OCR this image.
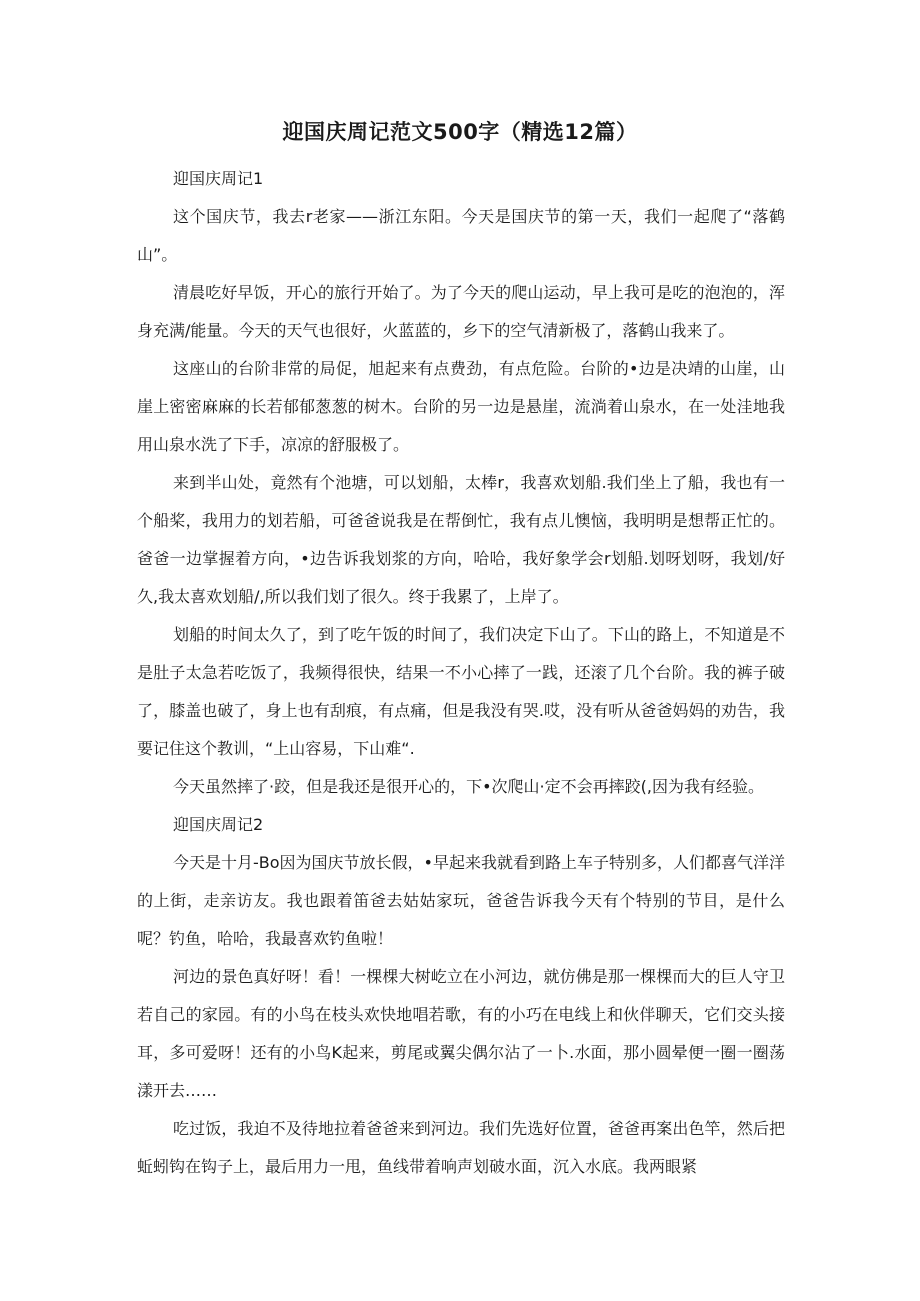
迎国庆周记范文500字（精选12篇）

迎国庆周记1

这个国庆节，我去r老家——浙江东阳。今天是国庆节的第一天，我们一起爬了“落鹤山”。

清晨吃好早饭，开心的旅行开始了。为了今天的爬山运动，早上我可是吃的泡泡的，浑身充满/能量。今天的天气也很好，火蓝蓝的，乡下的空气清新极了，落鹤山我来了。

这座山的台阶非常的局促，旭起来有点费劲，有点危险。台阶的•边是决靖的山崖，山崖上密密麻麻的长若郁郁葱葱的树木。台阶的另一边是悬崖，流淌着山泉水，在一处洼地我用山泉水洗了下手，凉凉的舒服极了。

来到半山处，竟然有个池塘，可以划船，太棒r，我喜欢划船.我们坐上了船，我也有一个船桨，我用力的划若船，可爸爸说我是在帮倒忙，我有点儿懊恼，我明明是想帮正忙的。爸爸一边掌握着方向，•边告诉我划浆的方向，哈哈，我好象学会r划船.划呀划呀，我划/好久,我太喜欢划船/,所以我们划了很久。终于我累了，上岸了。

划船的时间太久了，到了吃午饭的时间了，我们决定下山了。下山的路上，不知道是不是肚子太急若吃饭了，我频得很快，结果一不小心摔了一践，还滚了几个台阶。我的裤子破了，膝盖也破了，身上也有刮痕，有点痛，但是我没有哭.哎，没有听从爸爸妈妈的劝告，我要记住这个教训，“上山容易，下山难“.

今天虽然摔了·跤，但是我还是很开心的，下•次爬山·定不会再摔跤(,因为我有经验。

迎国庆周记2

今天是十月-Bo因为国庆节放长假，•早起来我就看到路上车子特别多，人们都喜气洋洋的上街，走亲访友。我也跟着笛爸去姑姑家玩，爸爸告诉我今天有个特别的节目，是什么呢？钓鱼，哈哈，我最喜欢钓鱼啦！

河边的景色真好呀！看！一棵棵大树屹立在小河边，就仿佛是那一棵棵而大的巨人守卫若自己的家园。有的小鸟在枝头欢快地唱若歌，有的小巧在电线上和伙伴聊天，它们交头接耳，多可爱呀！还有的小鸟K起来，剪尾或翼尖偶尔沾了一卜.水面，那小圆晕便一圈一圈荡漾开去……

吃过饭，我迫不及待地拉着爸爸来到河边。我们先选好位置，爸爸再案出色竿，然后把蚯蚓钩在钩子上，最后用力一甩，鱼线带着响声划破水面，沉入水底。我两眼紧
